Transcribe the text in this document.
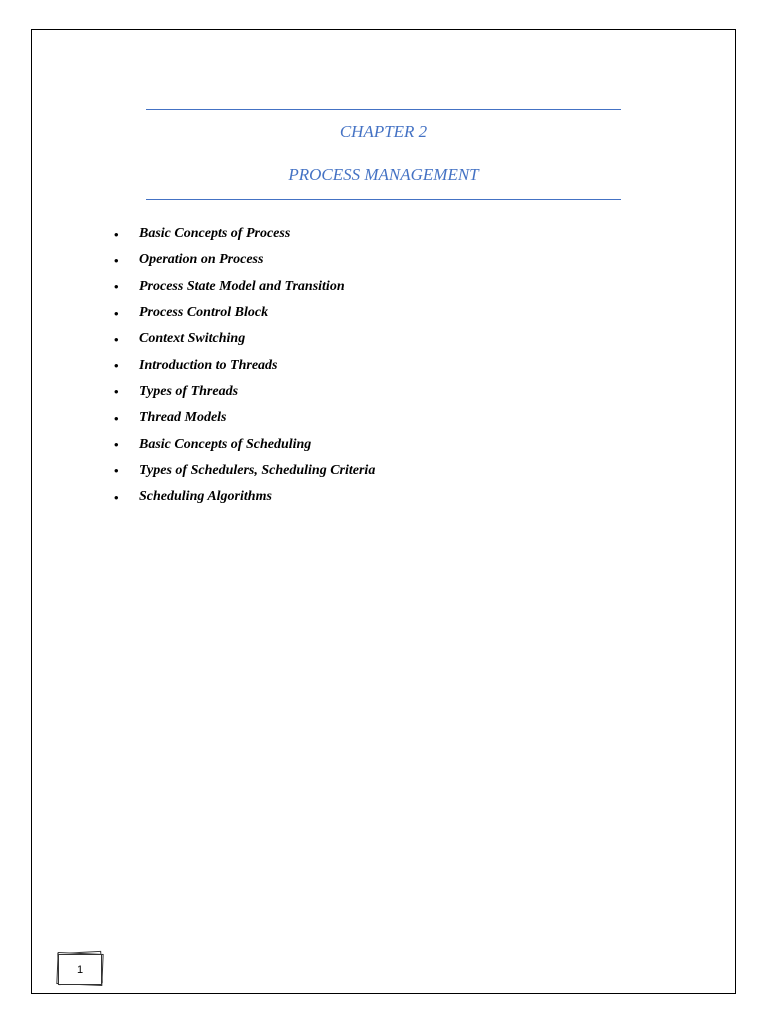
CHAPTER 2
PROCESS MANAGEMENT
•	Basic Concepts of Process
•	Operation on Process
•	Process State Model and Transition
•	Process Control Block
•	Context Switching
•	Introduction to Threads
•	Types of Threads
•	Thread Models
•	Basic Concepts of Scheduling
•	Types of Schedulers, Scheduling Criteria
•	Scheduling Algorithms
1
